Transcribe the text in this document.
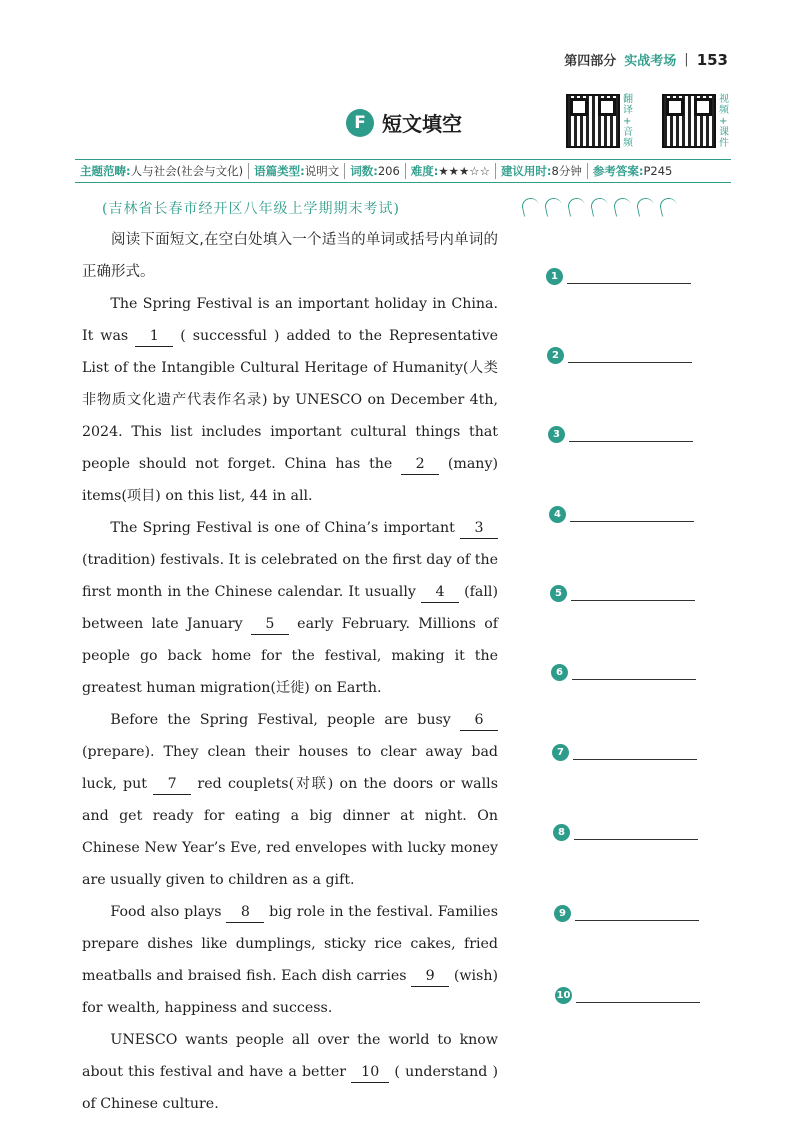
第四部分 实战考场 | 153
F 短文填空
翻
译
+
音
频
视
频
+
课
件
主题范畴:人与社会(社会与文化) 语篇类型:说明文 词数:206 难度:★★★☆☆ 建议用时:8分钟 参考答案:P245
(吉林省长春市经开区八年级上学期期末考试)

阅读下面短文,在空白处填入一个适当的单词或括号内单词的正确形式。

The Spring Festival is an important holiday in China. It was 1 ( successful ) added to the Representative List of the Intangible Cultural Heritage of Humanity(人类非物质文化遗产代表作名录) by UNESCO on December 4th, 2024. This list includes important cultural things that people should not forget. China has the 2 (many) items(项目) on this list, 44 in all.

The Spring Festival is one of China’s important 3 (tradition) festivals. It is celebrated on the first day of the first month in the Chinese calendar. It usually 4 (fall) between late January 5 early February. Millions of people go back home for the festival, making it the greatest human migration(迁徙) on Earth.

Before the Spring Festival, people are busy 6 (prepare). They clean their houses to clear away bad luck, put 7 red couplets(对联) on the doors or walls and get ready for eating a big dinner at night. On Chinese New Year’s Eve, red envelopes with lucky money are usually given to children as a gift.

Food also plays 8 big role in the festival. Families prepare dishes like dumplings, sticky rice cakes, fried meatballs and braised fish. Each dish carries 9 (wish) for wealth, happiness and success.

UNESCO wants people all over the world to know about this festival and have a better 10 ( understand ) of Chinese culture.

1
2
3
4
5
6
7
8
9
10
